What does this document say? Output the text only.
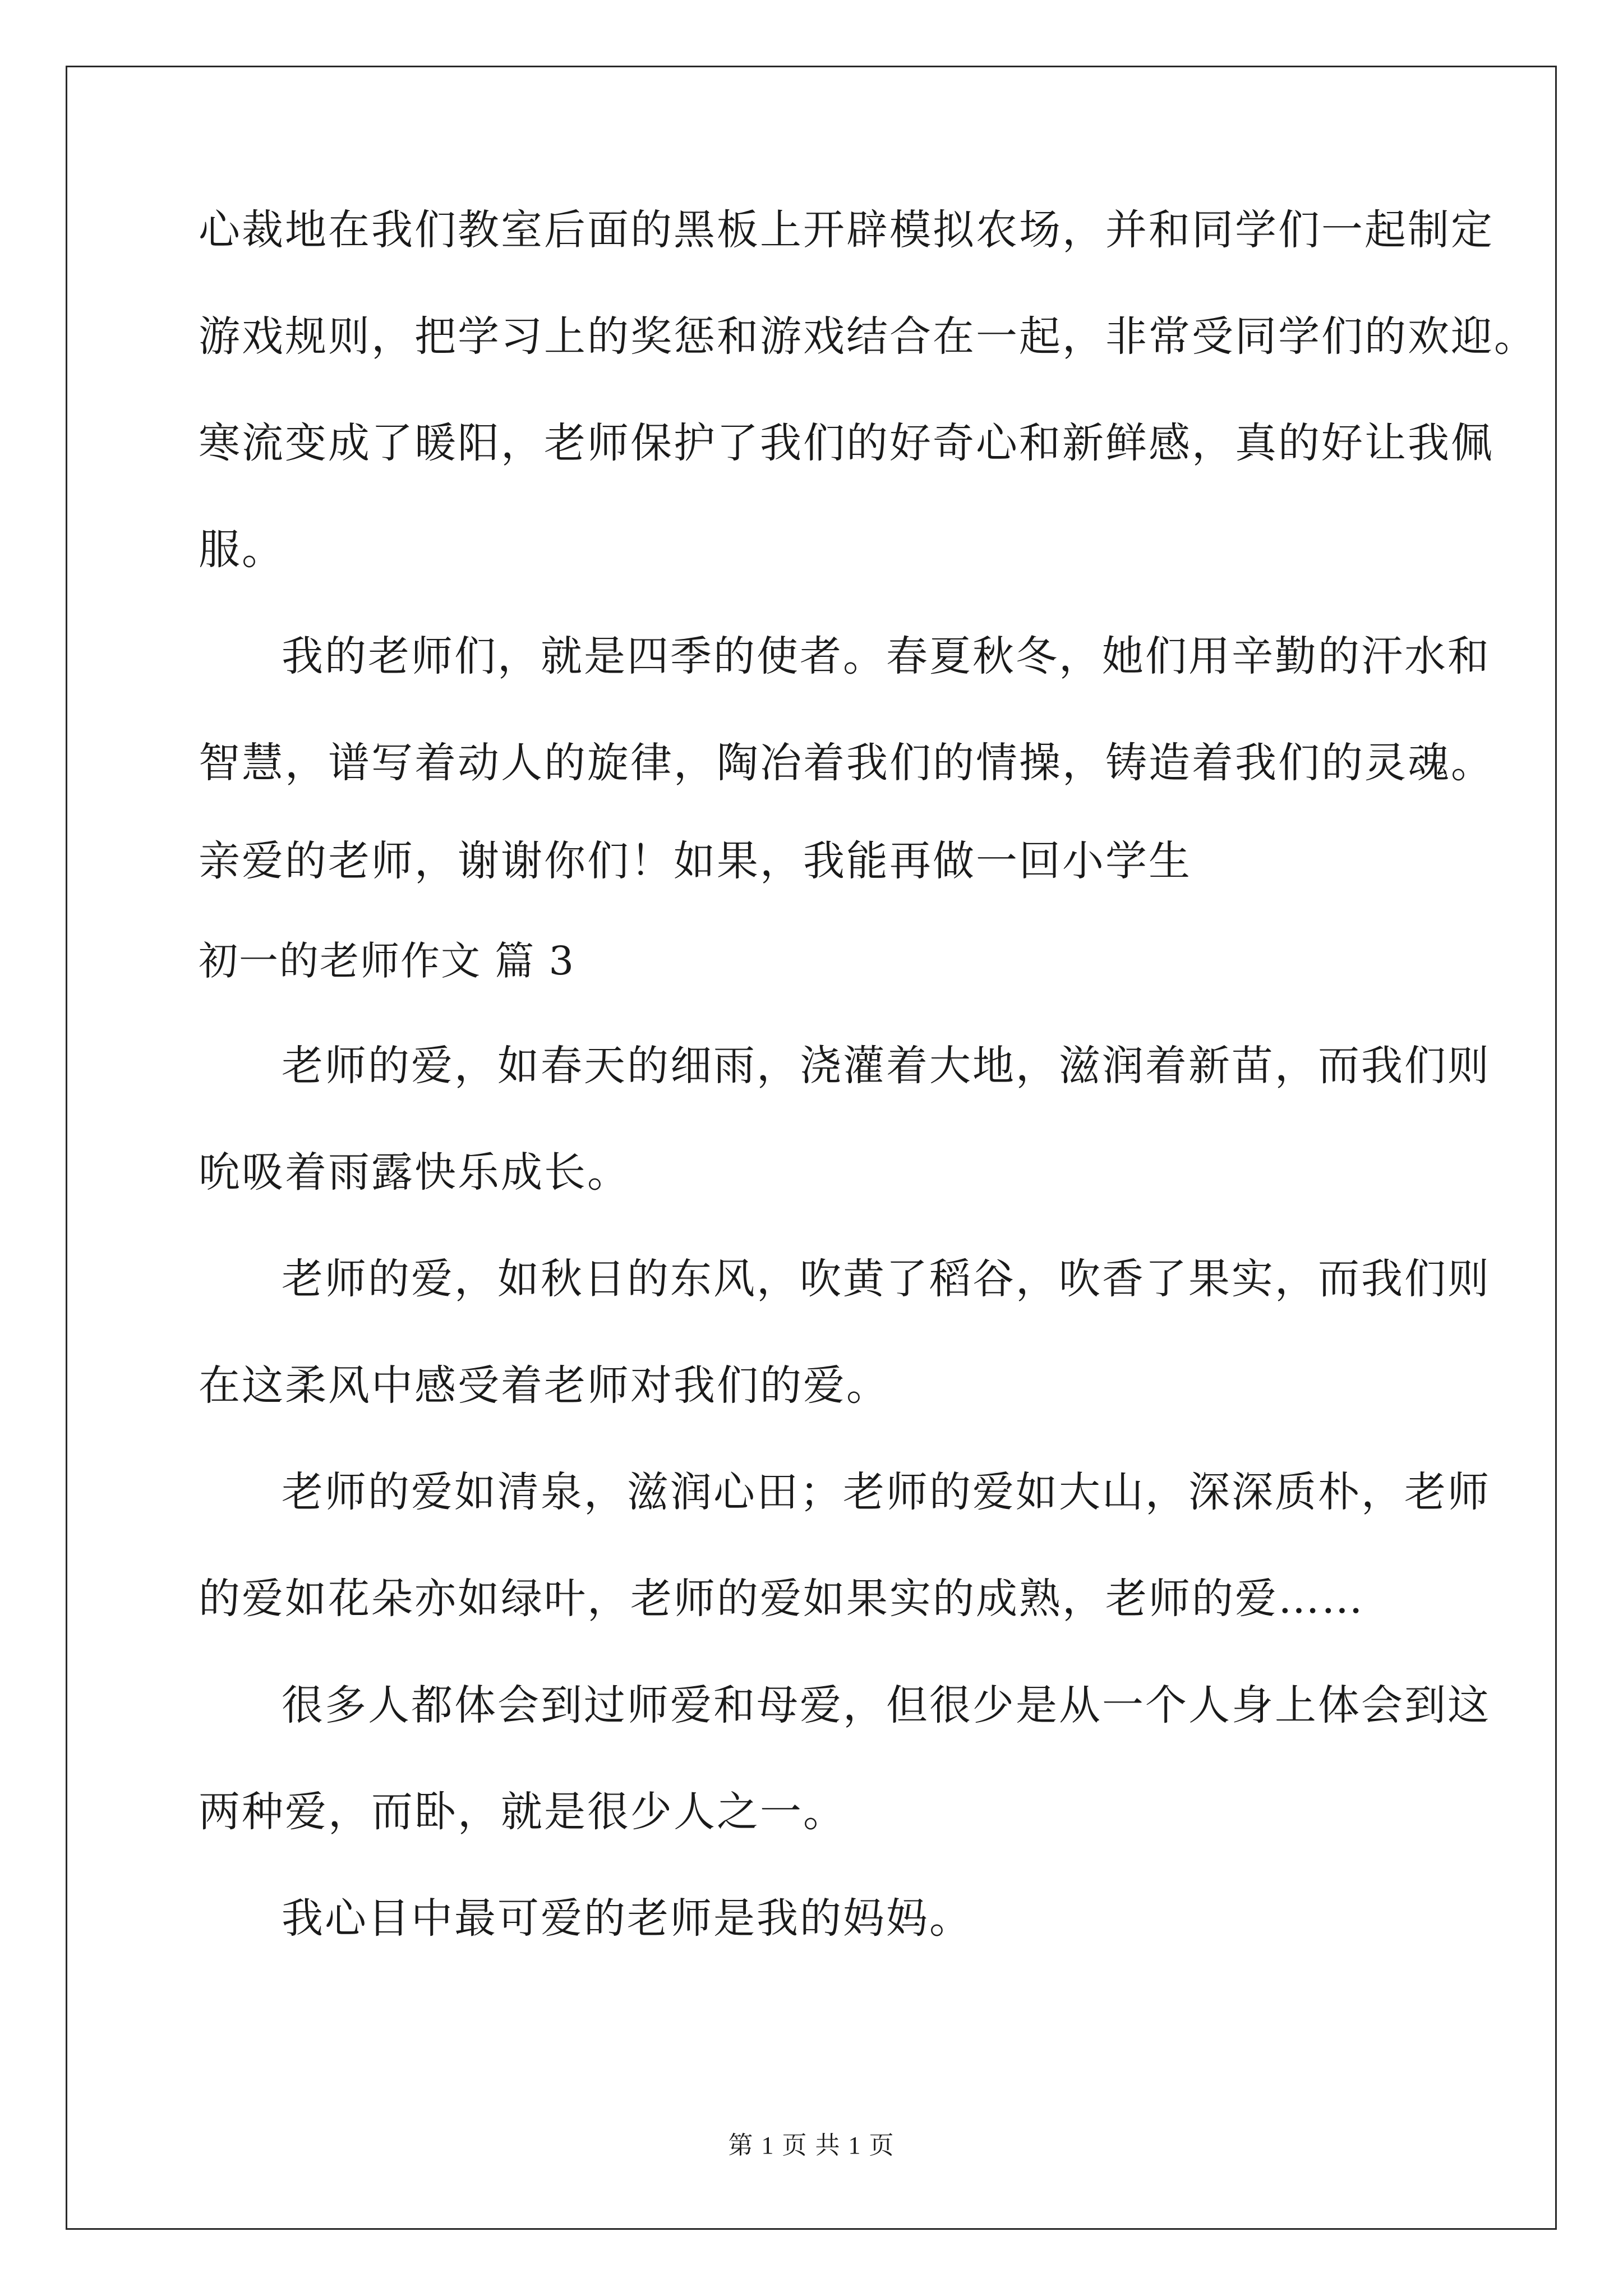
心裁地在我们教室后面的黑板上开辟模拟农场，并和同学们一起制定
游戏规则，把学习上的奖惩和游戏结合在一起，非常受同学们的欢迎。
寒流变成了暖阳，老师保护了我们的好奇心和新鲜感，真的好让我佩
服。
我的老师们，就是四季的使者。春夏秋冬，她们用辛勤的汗水和
智慧，谱写着动人的旋律，陶冶着我们的情操，铸造着我们的灵魂。
亲爱的老师，谢谢你们！如果，我能再做一回小学生
初一的老师作文 篇 3
老师的爱，如春天的细雨，浇灌着大地，滋润着新苗，而我们则
吮吸着雨露快乐成长。
老师的爱，如秋日的东风，吹黄了稻谷，吹香了果实，而我们则
在这柔风中感受着老师对我们的爱。
老师的爱如清泉，滋润心田；老师的爱如大山，深深质朴，老师
的爱如花朵亦如绿叶，老师的爱如果实的成熟，老师的爱……
很多人都体会到过师爱和母爱，但很少是从一个人身上体会到这
两种爱，而卧，就是很少人之一。
我心目中最可爱的老师是我的妈妈。
第 1 页 共 1 页
